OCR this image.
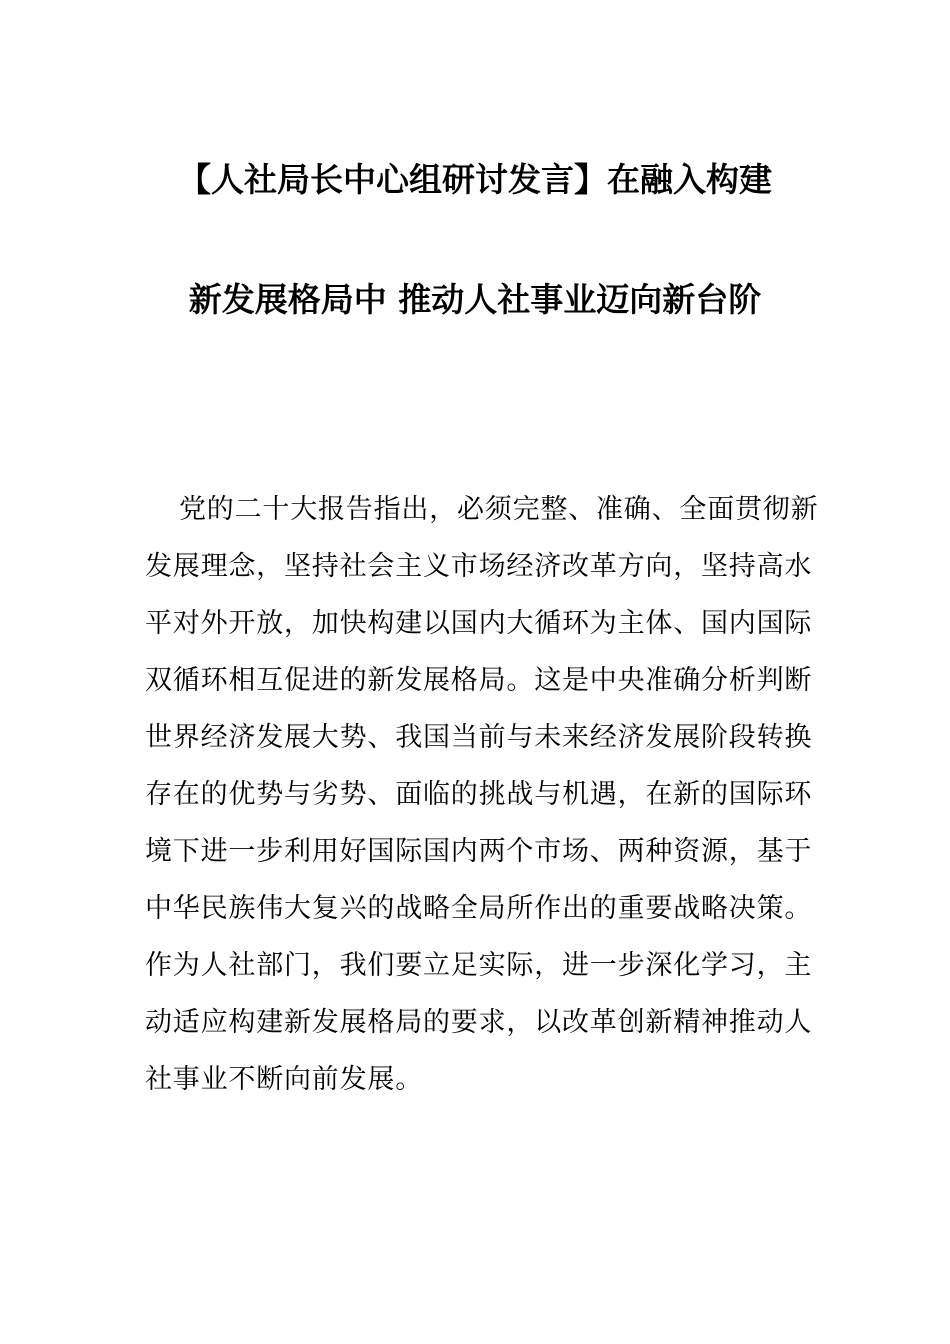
【人社局长中心组研讨发言】在融入构建
新发展格局中 推动人社事业迈向新台阶
党的二十大报告指出，必须完整、准确、全面贯彻新
发展理念，坚持社会主义市场经济改革方向，坚持高水
平对外开放，加快构建以国内大循环为主体、国内国际
双循环相互促进的新发展格局。这是中央准确分析判断
世界经济发展大势、我国当前与未来经济发展阶段转换
存在的优势与劣势、面临的挑战与机遇，在新的国际环
境下进一步利用好国际国内两个市场、两种资源，基于
中华民族伟大复兴的战略全局所作出的重要战略决策。
作为人社部门，我们要立足实际，进一步深化学习，主
动适应构建新发展格局的要求，以改革创新精神推动人
社事业不断向前发展。
